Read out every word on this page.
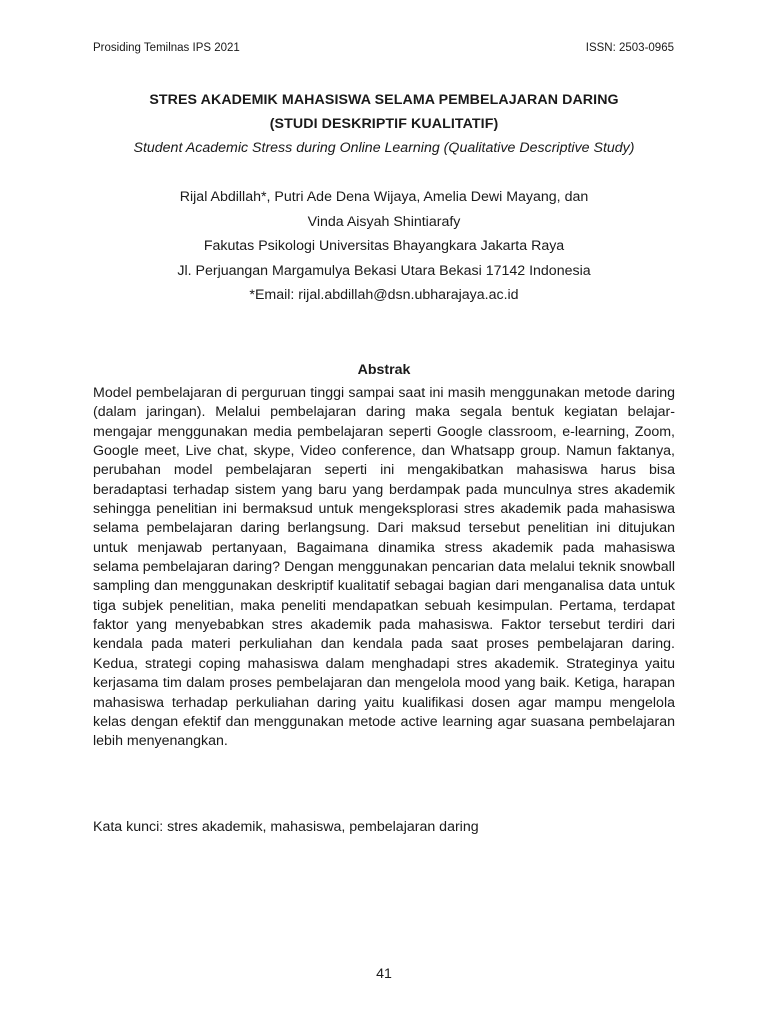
Prosiding Temilnas IPS 2021	ISSN: 2503-0965
STRES AKADEMIK MAHASISWA SELAMA PEMBELAJARAN DARING
(STUDI DESKRIPTIF KUALITATIF)
Student Academic Stress during Online Learning (Qualitative Descriptive Study)
Rijal Abdillah*, Putri Ade Dena Wijaya, Amelia Dewi Mayang, dan
Vinda Aisyah Shintiarafy
Fakutas Psikologi Universitas Bhayangkara Jakarta Raya
Jl. Perjuangan Margamulya Bekasi Utara Bekasi 17142 Indonesia
*Email: rijal.abdillah@dsn.ubharajaya.ac.id
Abstrak
Model pembelajaran di perguruan tinggi sampai saat ini masih menggunakan metode daring (dalam jaringan). Melalui pembelajaran daring maka segala bentuk kegiatan belajar-mengajar menggunakan media pembelajaran seperti Google classroom, e-learning, Zoom, Google meet, Live chat, skype, Video conference, dan Whatsapp group. Namun faktanya, perubahan model pembelajaran seperti ini mengakibatkan mahasiswa harus bisa beradaptasi terhadap sistem yang baru yang berdampak pada munculnya stres akademik sehingga penelitian ini bermaksud untuk mengeksplorasi stres akademik pada mahasiswa selama pembelajaran daring berlangsung. Dari maksud tersebut penelitian ini ditujukan untuk menjawab pertanyaan, Bagaimana dinamika stress akademik pada mahasiswa selama pembelajaran daring? Dengan menggunakan pencarian data melalui teknik snowball sampling dan menggunakan deskriptif kualitatif sebagai bagian dari menganalisa data untuk tiga subjek penelitian, maka peneliti mendapatkan sebuah kesimpulan. Pertama, terdapat faktor yang menyebabkan stres akademik pada mahasiswa. Faktor tersebut terdiri dari kendala pada materi perkuliahan dan kendala pada saat proses pembelajaran daring. Kedua, strategi coping mahasiswa dalam menghadapi stres akademik. Strateginya yaitu kerjasama tim dalam proses pembelajaran dan mengelola mood yang baik. Ketiga, harapan mahasiswa terhadap perkuliahan daring yaitu kualifikasi dosen agar mampu mengelola kelas dengan efektif dan menggunakan metode active learning agar suasana pembelajaran lebih menyenangkan.
Kata kunci: stres akademik, mahasiswa, pembelajaran daring
41
